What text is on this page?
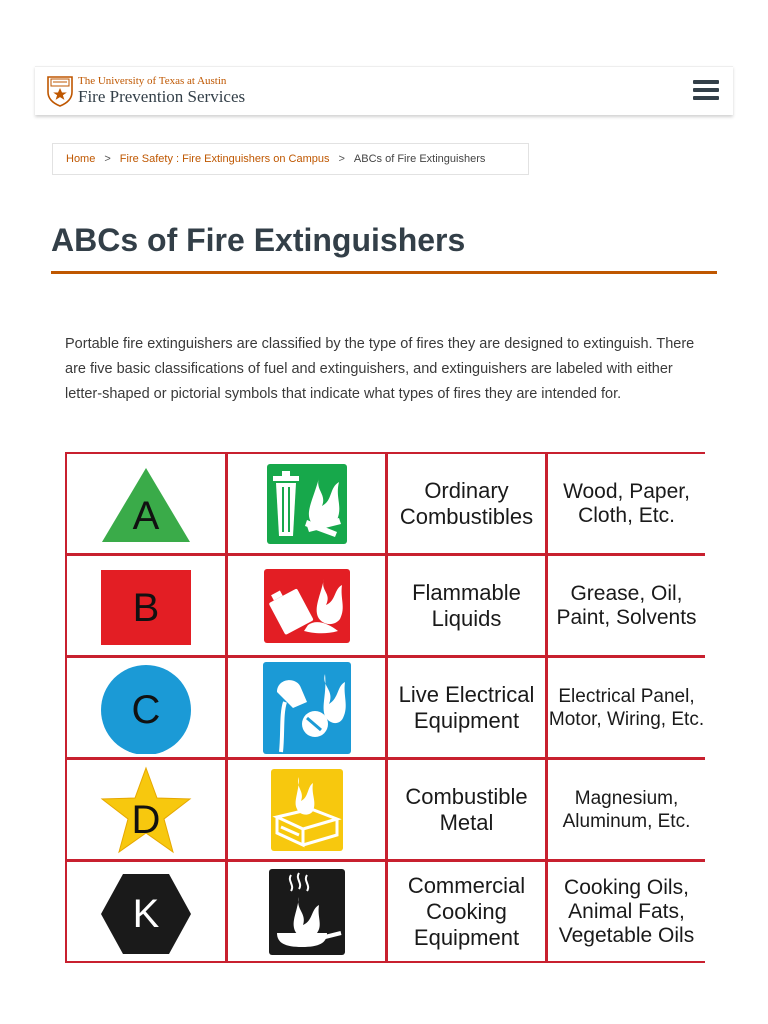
The University of Texas at Austin
Fire Prevention Services
Home > Fire Safety : Fire Extinguishers on Campus > ABCs of Fire Extinguishers
ABCs of Fire Extinguishers

Portable fire extinguishers are classified by the type of fires they are designed to extinguish. There are five basic classifications of fuel and extinguishers, and extinguishers are labeled with either letter-shaped or pictorial symbols that indicate what types of fires they are intended for.

A
Ordinary Combustibles
Wood, Paper, Cloth, Etc.
B	Flammable Liquids
Grease, Oil, Paint, Solvents
C	Live Electrical Equipment
Electrical Panel, Motor, Wiring, Etc.
D
Combustible Metal
Magnesium, Aluminum, Etc.
K
Commercial Cooking Equipment
Cooking Oils, Animal Fats, Vegetable Oils
